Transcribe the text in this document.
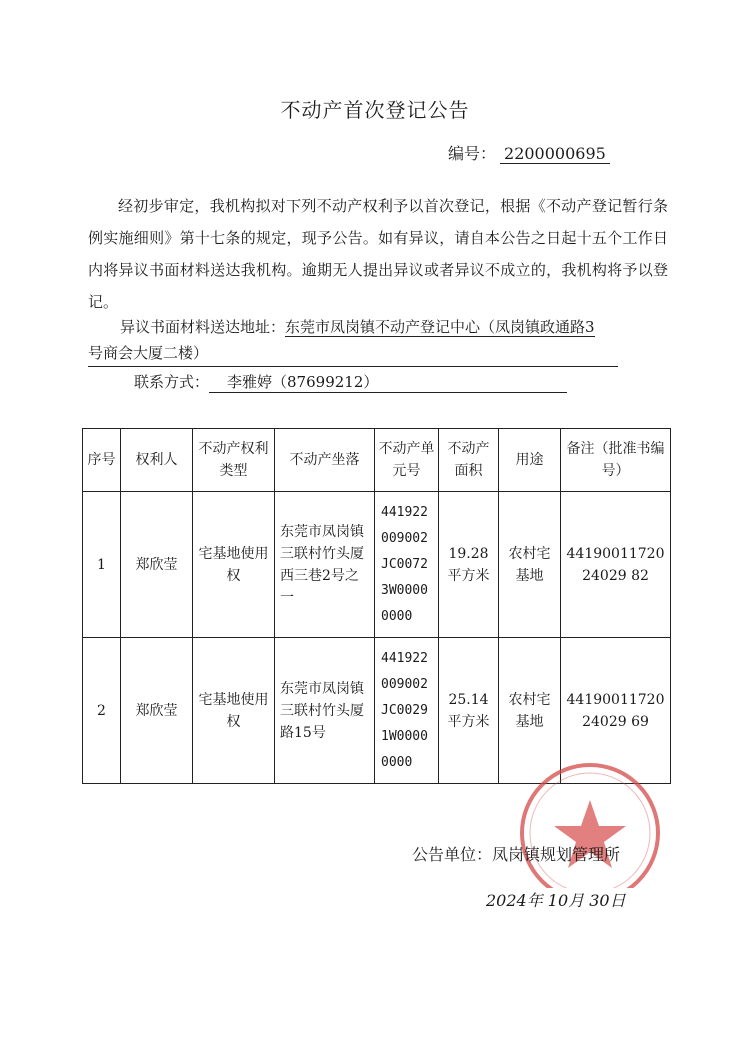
不动产首次登记公告
编号： 2200000695
经初步审定，我机构拟对下列不动产权利予以首次登记，根据《不动产登记暂行条例实施细则》第十七条的规定，现予公告。如有异议，请自本公告之日起十五个工作日内将异议书面材料送达我机构。逾期无人提出异议或者异议不成立的，我机构将予以登记。
异议书面材料送达地址：东莞市凤岗镇不动产登记中心（凤岗镇政通路3
号商会大厦二楼）
联系方式： 李雅婷（87699212）
序号	权利人	不动产权利类型	不动产坐落	不动产单元号	不动产面积	用途	备注（批准书编号）
1	郑欣莹	宅基地使用权	东莞市凤岗镇三联村竹头厦西三巷2号之一	441922 009002 JC0072 3W0000 0000	19.28平方米	农村宅基地	4419001172024029 82
2	郑欣莹	宅基地使用权	东莞市凤岗镇三联村竹头厦路15号	441922 009002 JC0029 1W0000 0000	25.14平方米	农村宅基地	4419001172024029 69
公告单位：凤岗镇规划管理所
2024年 10月 30日
